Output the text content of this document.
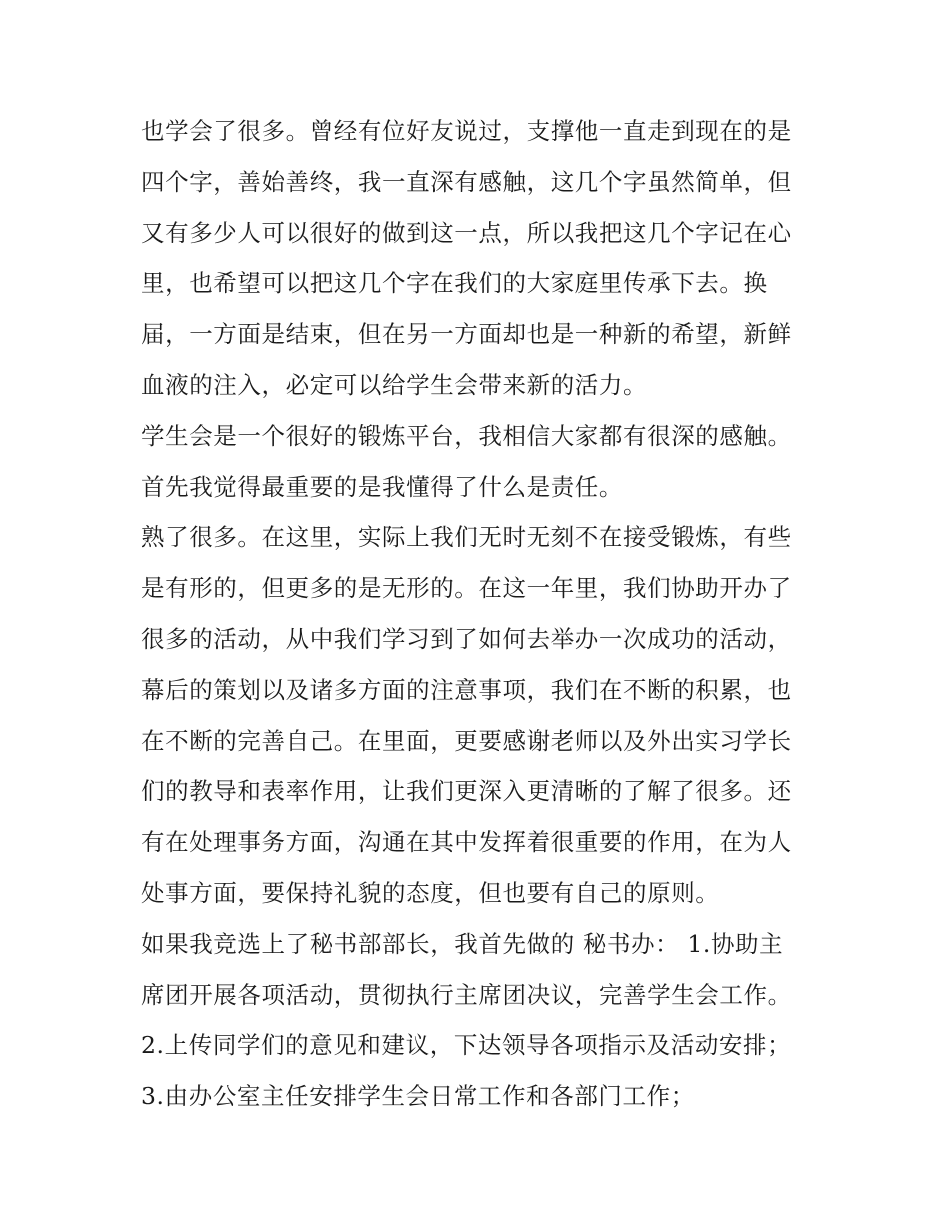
也学会了很多。曾经有位好友说过，支撑他一直走到现在的是
四个字，善始善终，我一直深有感触，这几个字虽然简单，但
又有多少人可以很好的做到这一点，所以我把这几个字记在心
里，也希望可以把这几个字在我们的大家庭里传承下去。换
届，一方面是结束，但在另一方面却也是一种新的希望，新鲜
血液的注入，必定可以给学生会带来新的活力。
学生会是一个很好的锻炼平台，我相信大家都有很深的感触。
首先我觉得最重要的是我懂得了什么是责任。
熟了很多。在这里，实际上我们无时无刻不在接受锻炼，有些
是有形的，但更多的是无形的。在这一年里，我们协助开办了
很多的活动，从中我们学习到了如何去举办一次成功的活动，
幕后的策划以及诸多方面的注意事项，我们在不断的积累，也
在不断的完善自己。在里面，更要感谢老师以及外出实习学长
们的教导和表率作用，让我们更深入更清晰的了解了很多。还
有在处理事务方面，沟通在其中发挥着很重要的作用，在为人
处事方面，要保持礼貌的态度，但也要有自己的原则。
如果我竞选上了秘书部部长，我首先做的 秘书办： 1.协助主
席团开展各项活动，贯彻执行主席团决议，完善学生会工作。
2.上传同学们的意见和建议，下达领导各项指示及活动安排；
3.由办公室主任安排学生会日常工作和各部门工作；
